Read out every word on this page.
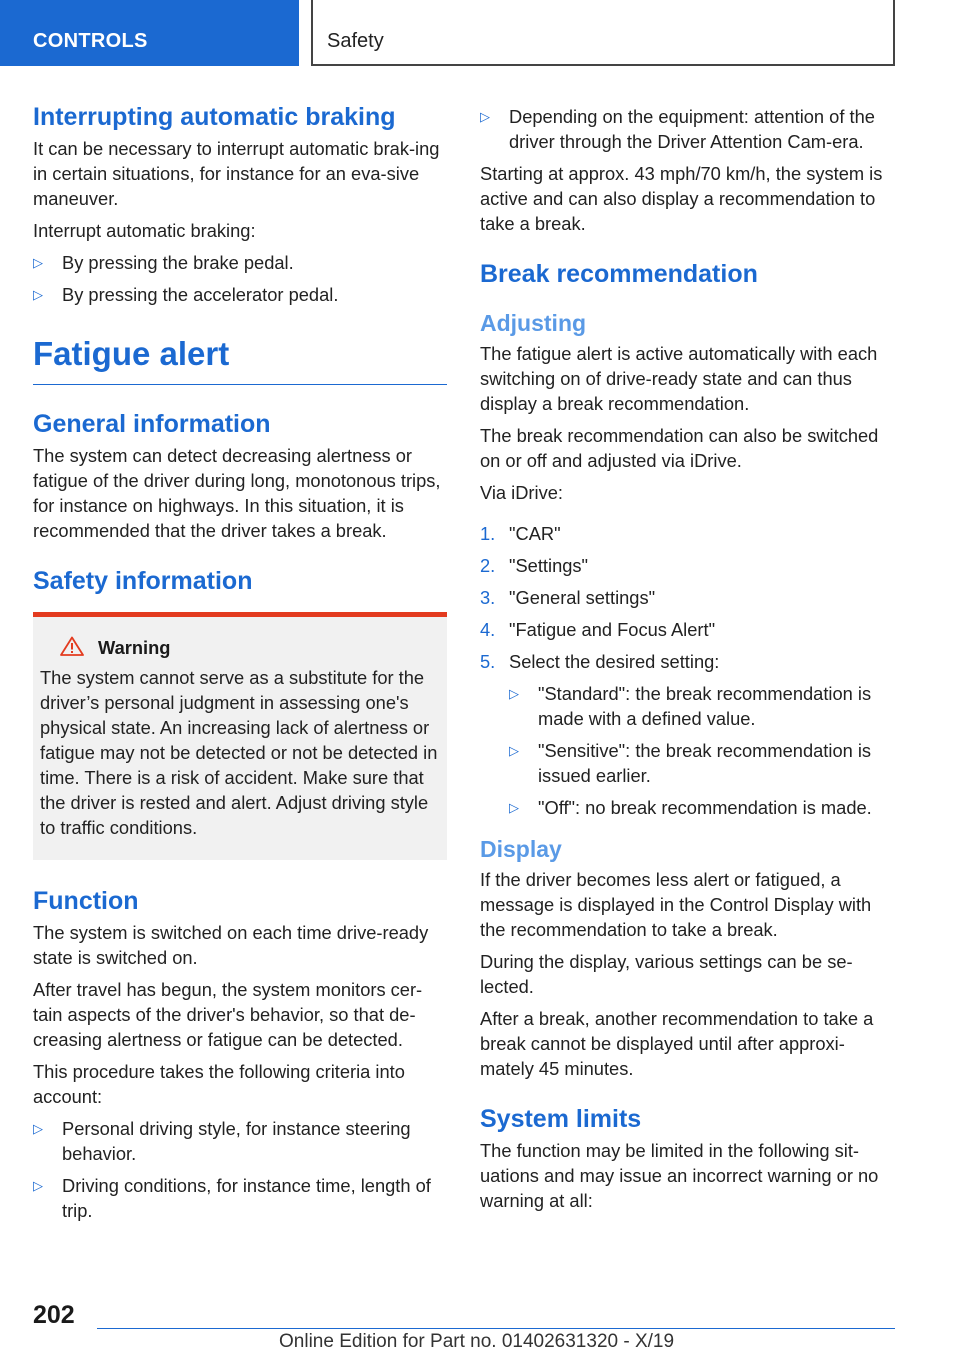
CONTROLS	Safety
Interrupting automatic braking
It can be necessary to interrupt automatic brak-ing in certain situations, for instance for an eva-sive maneuver.
Interrupt automatic braking:
▷ By pressing the brake pedal.
▷ By pressing the accelerator pedal.
Fatigue alert
General information
The system can detect decreasing alertness or fatigue of the driver during long, monotonous trips, for instance on highways. In this situation, it is recommended that the driver takes a break.
Safety information
Warning
The system cannot serve as a substitute for the driver’s personal judgment in assessing one's physical state. An increasing lack of alertness or fatigue may not be detected or not be detected in time. There is a risk of accident. Make sure that the driver is rested and alert. Adjust driving style to traffic conditions.
Function
The system is switched on each time drive-ready state is switched on.
After travel has begun, the system monitors cer-tain aspects of the driver's behavior, so that de-creasing alertness or fatigue can be detected.
This procedure takes the following criteria into account:
▷ Personal driving style, for instance steering behavior.
▷ Driving conditions, for instance time, length of trip.
▷ Depending on the equipment: attention of the driver through the Driver Attention Cam-era.
Starting at approx. 43 mph/70 km/h, the system is active and can also display a recommendation to take a break.
Break recommendation
Adjusting
The fatigue alert is active automatically with each switching on of drive-ready state and can thus display a break recommendation.
The break recommendation can also be switched on or off and adjusted via iDrive.
Via iDrive:
1. "CAR"
2. "Settings"
3. "General settings"
4. "Fatigue and Focus Alert"
5. Select the desired setting:
▷ "Standard": the break recommendation is made with a defined value.
▷ "Sensitive": the break recommendation is issued earlier.
▷ "Off": no break recommendation is made.
Display
If the driver becomes less alert or fatigued, a message is displayed in the Control Display with the recommendation to take a break.
During the display, various settings can be se-lected.
After a break, another recommendation to take a break cannot be displayed until after approxi-mately 45 minutes.
System limits
The function may be limited in the following sit-uations and may issue an incorrect warning or no warning at all:
202
Online Edition for Part no. 01402631320 - X/19
